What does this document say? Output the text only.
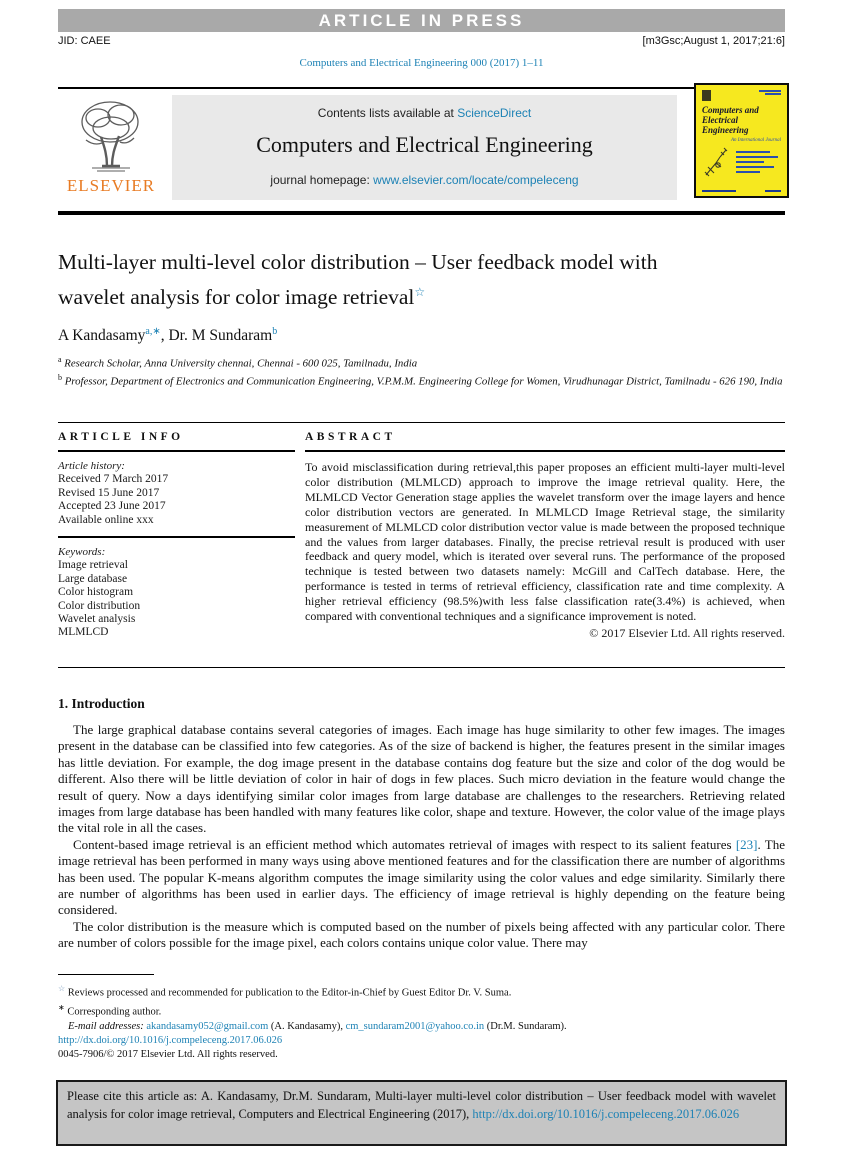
ARTICLE IN PRESS
JID: CAEE	[m3Gsc;August 1, 2017;21:6]
Computers and Electrical Engineering 000 (2017) 1–11
ELSEVIER
Contents lists available at ScienceDirect
Computers and Electrical Engineering
journal homepage: www.elsevier.com/locate/compeleceng
Computers and Electrical Engineering
An International Journal
Multi-layer multi-level color distribution – User feedback model with wavelet analysis for color image retrieval☆
A Kandasamy$^{a,∗}$, Dr. M Sundaram$^b$
$^a$ Research Scholar, Anna University chennai, Chennai - 600 025, Tamilnadu, India
$^b$ Professor, Department of Electronics and Communication Engineering, V.P.M.M. Engineering College for Women, Virudhunagar District, Tamilnadu - 626 190, India
ARTICLE INFO
Article history:
Received 7 March 2017
Revised 15 June 2017
Accepted 23 June 2017
Available online xxx
Keywords:
Image retrieval
Large database
Color histogram
Color distribution
Wavelet analysis
MLMLCD
ABSTRACT
To avoid misclassification during retrieval,this paper proposes an efficient multi-layer multi-level color distribution (MLMLCD) approach to improve the image retrieval quality. Here, the MLMLCD Vector Generation stage applies the wavelet transform over the image layers and hence color distribution vectors are generated. In MLMLCD Image Retrieval stage, the similarity measurement of MLMLCD color distribution vector value is made between the proposed technique and the values from larger databases. Finally, the precise retrieval result is produced with user feedback and query model, which is iterated over several runs. The performance of the proposed technique is tested between two datasets namely: McGill and CalTech database. Here, the performance is tested in terms of retrieval efficiency, classification rate and time complexity. A higher retrieval efficiency (98.5%)with less false classification rate(3.4%) is achieved, when compared with conventional techniques and a significance improvement is noted.
© 2017 Elsevier Ltd. All rights reserved.
1. Introduction

The large graphical database contains several categories of images. Each image has huge similarity to other few images. The images present in the database can be classified into few categories. As of the size of backend is higher, the features present in the similar images has little deviation. For example, the dog image present in the database contains dog feature but the size and color of the dog would be different. Also there will be little deviation of color in hair of dogs in few places. Such micro deviation in the feature would change the result of query. Now a days identifying similar color images from large database are challenges to the researchers. Retrieving related images from large database has been handled with many features like color, shape and texture. However, the color value of the image plays the vital role in all the cases.

Content-based image retrieval is an efficient method which automates retrieval of images with respect to its salient features [23]. The image retrieval has been performed in many ways using above mentioned features and for the classification there are number of algorithms has been used. The popular K-means algorithm computes the image similarity using the color values and edge similarity. Similarly there are number of algorithms has been used in earlier days. The efficiency of image retrieval is highly depending on the feature being considered.

The color distribution is the measure which is computed based on the number of pixels being affected with any particular color. There are number of colors possible for the image pixel, each colors contains unique color value. There may

☆ Reviews processed and recommended for publication to the Editor-in-Chief by Guest Editor Dr. V. Suma.
∗ Corresponding author.
E-mail addresses: akandasamy052@gmail.com (A. Kandasamy), cm_sundaram2001@yahoo.co.in (Dr.M. Sundaram).
http://dx.doi.org/10.1016/j.compeleceng.2017.06.026
0045-7906/© 2017 Elsevier Ltd. All rights reserved.
Please cite this article as: A. Kandasamy, Dr.M. Sundaram, Multi-layer multi-level color distribution – User feedback model with wavelet analysis for color image retrieval, Computers and Electrical Engineering (2017), http://dx.doi.org/10.1016/j.compeleceng.2017.06.026
